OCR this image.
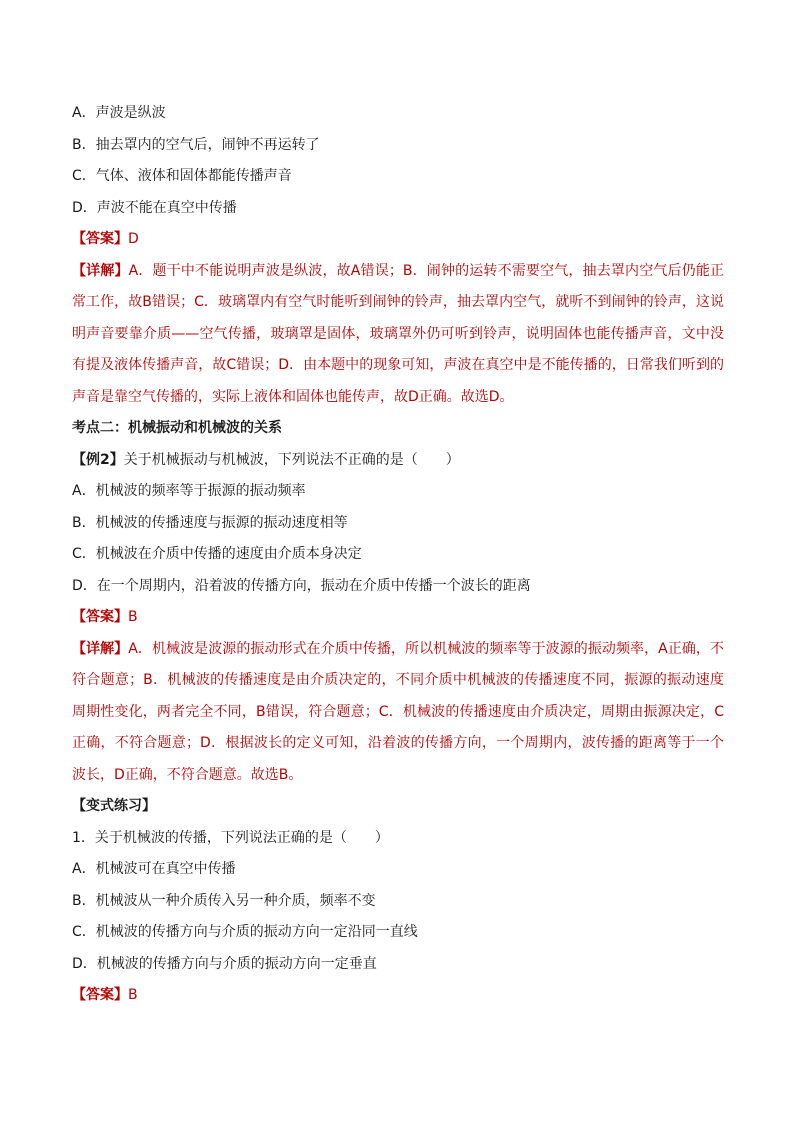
A．声波是纵波
B．抽去罩内的空气后，闹钟不再运转了
C．气体、液体和固体都能传播声音
D．声波不能在真空中传播
【答案】D
【详解】A．题干中不能说明声波是纵波，故A错误；B．闹钟的运转不需要空气，抽去罩内空气后仍能正常工作，故B错误；C．玻璃罩内有空气时能听到闹钟的铃声，抽去罩内空气，就听不到闹钟的铃声，这说明声音要靠介质——空气传播，玻璃罩是固体，玻璃罩外仍可听到铃声，说明固体也能传播声音，文中没有提及液体传播声音，故C错误；D．由本题中的现象可知，声波在真空中是不能传播的，日常我们听到的声音是靠空气传播的，实际上液体和固体也能传声，故D正确。故选D。
考点二：机械振动和机械波的关系
【例2】关于机械振动与机械波，下列说法不正确的是（　　）
A．机械波的频率等于振源的振动频率
B．机械波的传播速度与振源的振动速度相等
C．机械波在介质中传播的速度由介质本身决定
D．在一个周期内，沿着波的传播方向，振动在介质中传播一个波长的距离
【答案】B
【详解】A．机械波是波源的振动形式在介质中传播，所以机械波的频率等于波源的振动频率，A正确，不符合题意；B．机械波的传播速度是由介质决定的，不同介质中机械波的传播速度不同，振源的振动速度周期性变化，两者完全不同，B错误，符合题意；C．机械波的传播速度由介质决定，周期由振源决定，C正确，不符合题意；D．根据波长的定义可知，沿着波的传播方向，一个周期内，波传播的距离等于一个波长，D正确，不符合题意。故选B。
【变式练习】
1．关于机械波的传播，下列说法正确的是（　　）
A．机械波可在真空中传播
B．机械波从一种介质传入另一种介质，频率不变
C．机械波的传播方向与介质的振动方向一定沿同一直线
D．机械波的传播方向与介质的振动方向一定垂直
【答案】B
